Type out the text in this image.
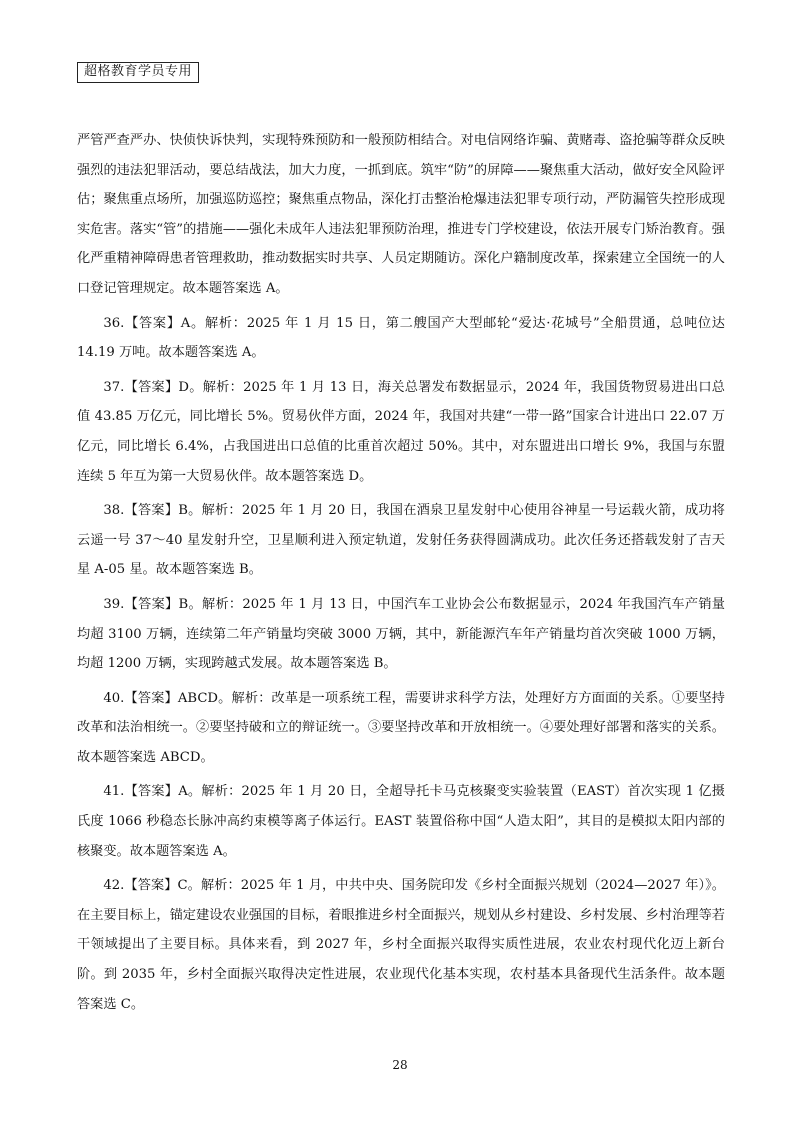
超格教育学员专用

严管严查严办、快侦快诉快判，实现特殊预防和一般预防相结合。对电信网络诈骗、黄赌毒、盗抢骗等群众反映强烈的违法犯罪活动，要总结战法，加大力度，一抓到底。筑牢“防”的屏障——聚焦重大活动，做好安全风险评估；聚焦重点场所，加强巡防巡控；聚焦重点物品，深化打击整治枪爆违法犯罪专项行动，严防漏管失控形成现实危害。落实“管”的措施——强化未成年人违法犯罪预防治理，推进专门学校建设，依法开展专门矫治教育。强化严重精神障碍患者管理救助，推动数据实时共享、人员定期随访。深化户籍制度改革，探索建立全国统一的人口登记管理规定。故本题答案选 A。

36.【答案】A。解析：2025 年 1 月 15 日，第二艘国产大型邮轮“爱达·花城号”全船贯通，总吨位达 14.19 万吨。故本题答案选 A。

37.【答案】D。解析：2025 年 1 月 13 日，海关总署发布数据显示，2024 年，我国货物贸易进出口总值 43.85 万亿元，同比增长 5%。贸易伙伴方面，2024 年，我国对共建“一带一路”国家合计进出口 22.07 万亿元，同比增长 6.4%，占我国进出口总值的比重首次超过 50%。其中，对东盟进出口增长 9%，我国与东盟连续 5 年互为第一大贸易伙伴。故本题答案选 D。

38.【答案】B。解析：2025 年 1 月 20 日，我国在酒泉卫星发射中心使用谷神星一号运载火箭，成功将云遥一号 37～40 星发射升空，卫星顺利进入预定轨道，发射任务获得圆满成功。此次任务还搭载发射了吉天星 A-05 星。故本题答案选 B。

39.【答案】B。解析：2025 年 1 月 13 日，中国汽车工业协会公布数据显示，2024 年我国汽车产销量均超 3100 万辆，连续第二年产销量均突破 3000 万辆，其中，新能源汽车年产销量均首次突破 1000 万辆，均超 1200 万辆，实现跨越式发展。故本题答案选 B。

40.【答案】ABCD。解析：改革是一项系统工程，需要讲求科学方法，处理好方方面面的关系。①要坚持改革和法治相统一。②要坚持破和立的辩证统一。③要坚持改革和开放相统一。④要处理好部署和落实的关系。故本题答案选 ABCD。

41.【答案】A。解析：2025 年 1 月 20 日，全超导托卡马克核聚变实验装置（EAST）首次实现 1 亿摄氏度 1066 秒稳态长脉冲高约束模等离子体运行。EAST 装置俗称中国“人造太阳”，其目的是模拟太阳内部的核聚变。故本题答案选 A。

42.【答案】C。解析：2025 年 1 月，中共中央、国务院印发《乡村全面振兴规划（2024—2027 年）》。在主要目标上，锚定建设农业强国的目标，着眼推进乡村全面振兴，规划从乡村建设、乡村发展、乡村治理等若干领域提出了主要目标。具体来看，到 2027 年，乡村全面振兴取得实质性进展，农业农村现代化迈上新台阶。到 2035 年，乡村全面振兴取得决定性进展，农业现代化基本实现，农村基本具备现代生活条件。故本题答案选 C。

28
